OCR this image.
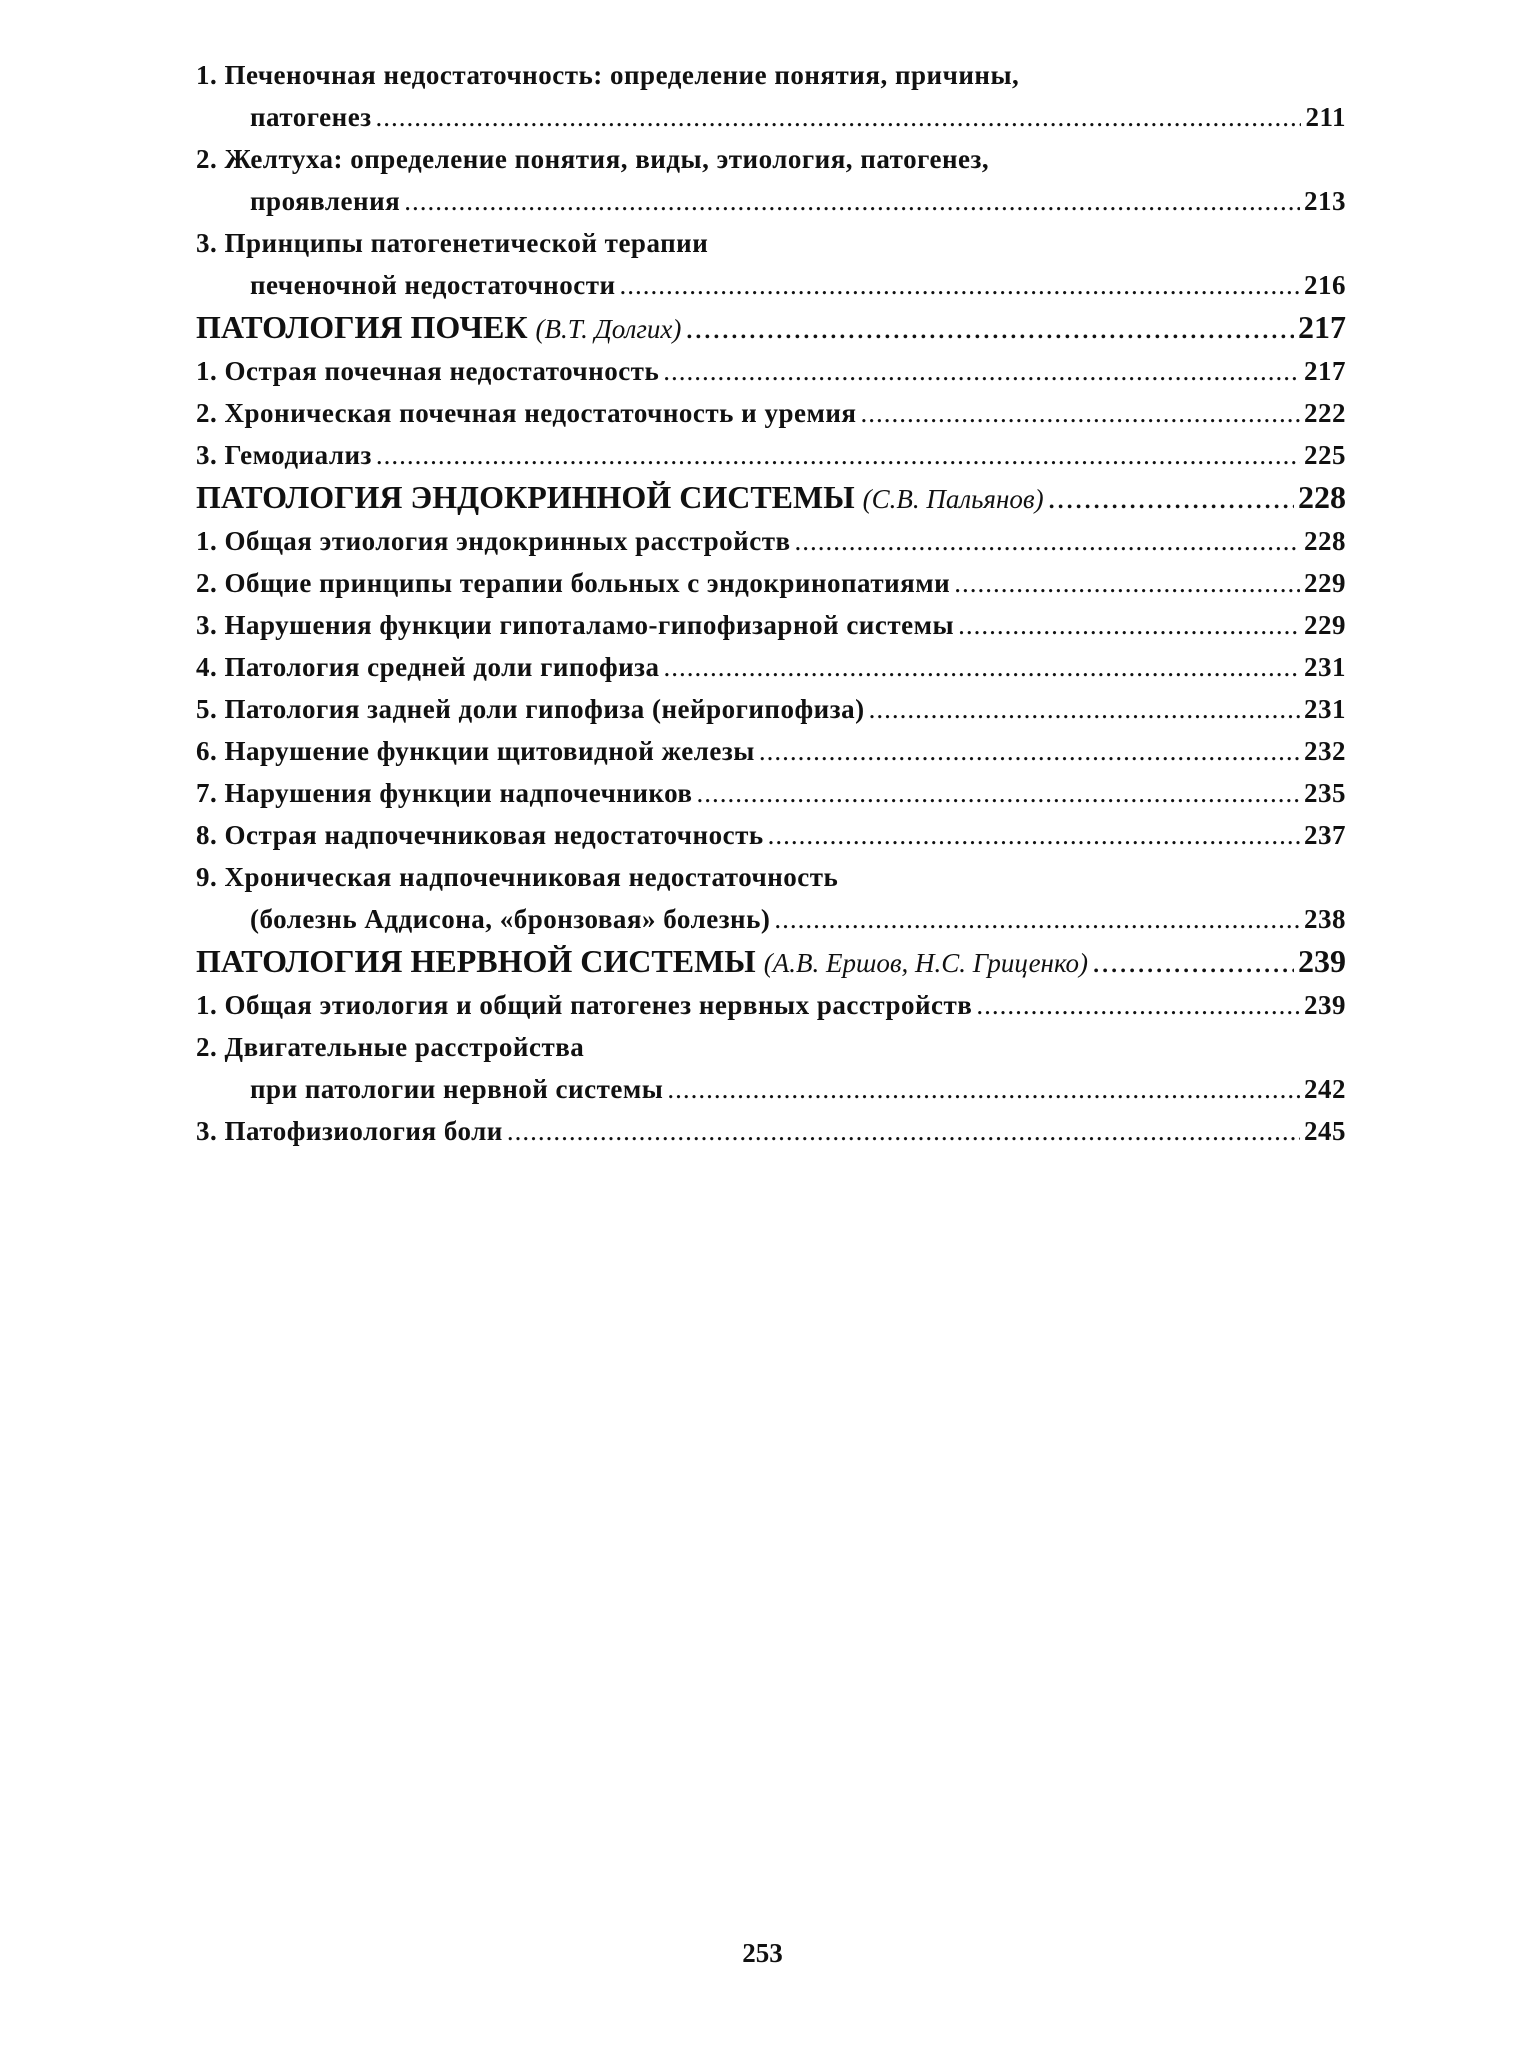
1. Печеночная недостаточность: определение понятия, причины,
патогенез .....	211
2. Желтуха: определение понятия, виды, этиология, патогенез,
проявления .....	213
3. Принципы патогенетической терапии
печеночной недостаточности .....	216
ПАТОЛОГИЯ ПОЧЕК (В.Т. Долгих) .....	217
1. Острая почечная недостаточность .....	217
2. Хроническая почечная недостаточность и уремия .....	222
3. Гемодиализ .....	225
ПАТОЛОГИЯ ЭНДОКРИННОЙ СИСТЕМЫ (С.В. Пальянов) .....	228
1. Общая этиология эндокринных расстройств .....	228
2. Общие принципы терапии больных с эндокринопатиями .....	229
3. Нарушения функции гипоталамо-гипофизарной системы .....	229
4. Патология средней доли гипофиза .....	231
5. Патология задней доли гипофиза (нейрогипофиза) .....	231
6. Нарушение функции щитовидной железы .....	232
7. Нарушения функции надпочечников .....	235
8. Острая надпочечниковая недостаточность .....	237
9. Хроническая надпочечниковая недостаточность
(болезнь Аддисона, «бронзовая» болезнь) .....	238
ПАТОЛОГИЯ НЕРВНОЙ СИСТЕМЫ (А.В. Ершов, Н.С. Гриценко) .....	239
1. Общая этиология и общий патогенез нервных расстройств .....	239
2. Двигательные расстройства
при патологии нервной системы .....	242
3. Патофизиология боли .....	245
253
